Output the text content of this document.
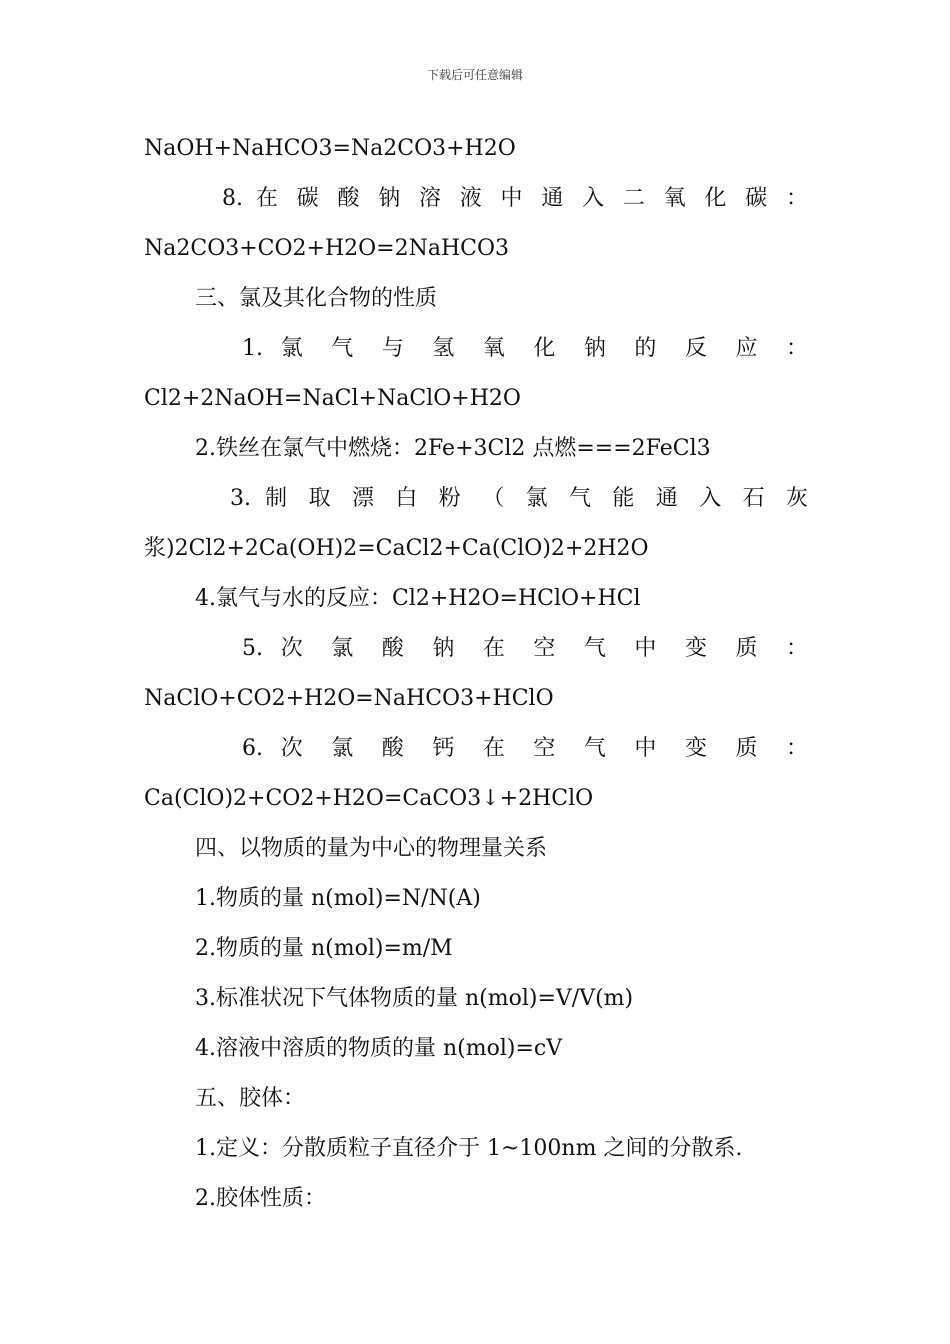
下载后可任意编辑
NaOH+NaHCO3=Na2CO3+H2O
8. 在 碳 酸 钠 溶 液 中 通 入 二 氧 化 碳 ：
Na2CO3+CO2+H2O=2NaHCO3
三、氯及其化合物的性质
1. 氯 气 与 氢 氧 化 钠 的 反 应 ：
Cl2+2NaOH=NaCl+NaClO+H2O
2.铁丝在氯气中燃烧：2Fe+3Cl2 点燃===2FeCl3
3. 制 取 漂 白 粉 （ 氯 气 能 通 入 石 灰
浆)2Cl2+2Ca(OH)2=CaCl2+Ca(ClO)2+2H2O
4.氯气与水的反应：Cl2+H2O=HClO+HCl
5. 次 氯 酸 钠 在 空 气 中 变 质 ：
NaClO+CO2+H2O=NaHCO3+HClO
6. 次 氯 酸 钙 在 空 气 中 变 质 ：
Ca(ClO)2+CO2+H2O=CaCO3↓+2HClO
四、以物质的量为中心的物理量关系
1.物质的量 n(mol)=N/N(A)
2.物质的量 n(mol)=m/M
3.标准状况下气体物质的量 n(mol)=V/V(m)
4.溶液中溶质的物质的量 n(mol)=cV
五、胶体：
1.定义：分散质粒子直径介于 1~100nm 之间的分散系.
2.胶体性质：
